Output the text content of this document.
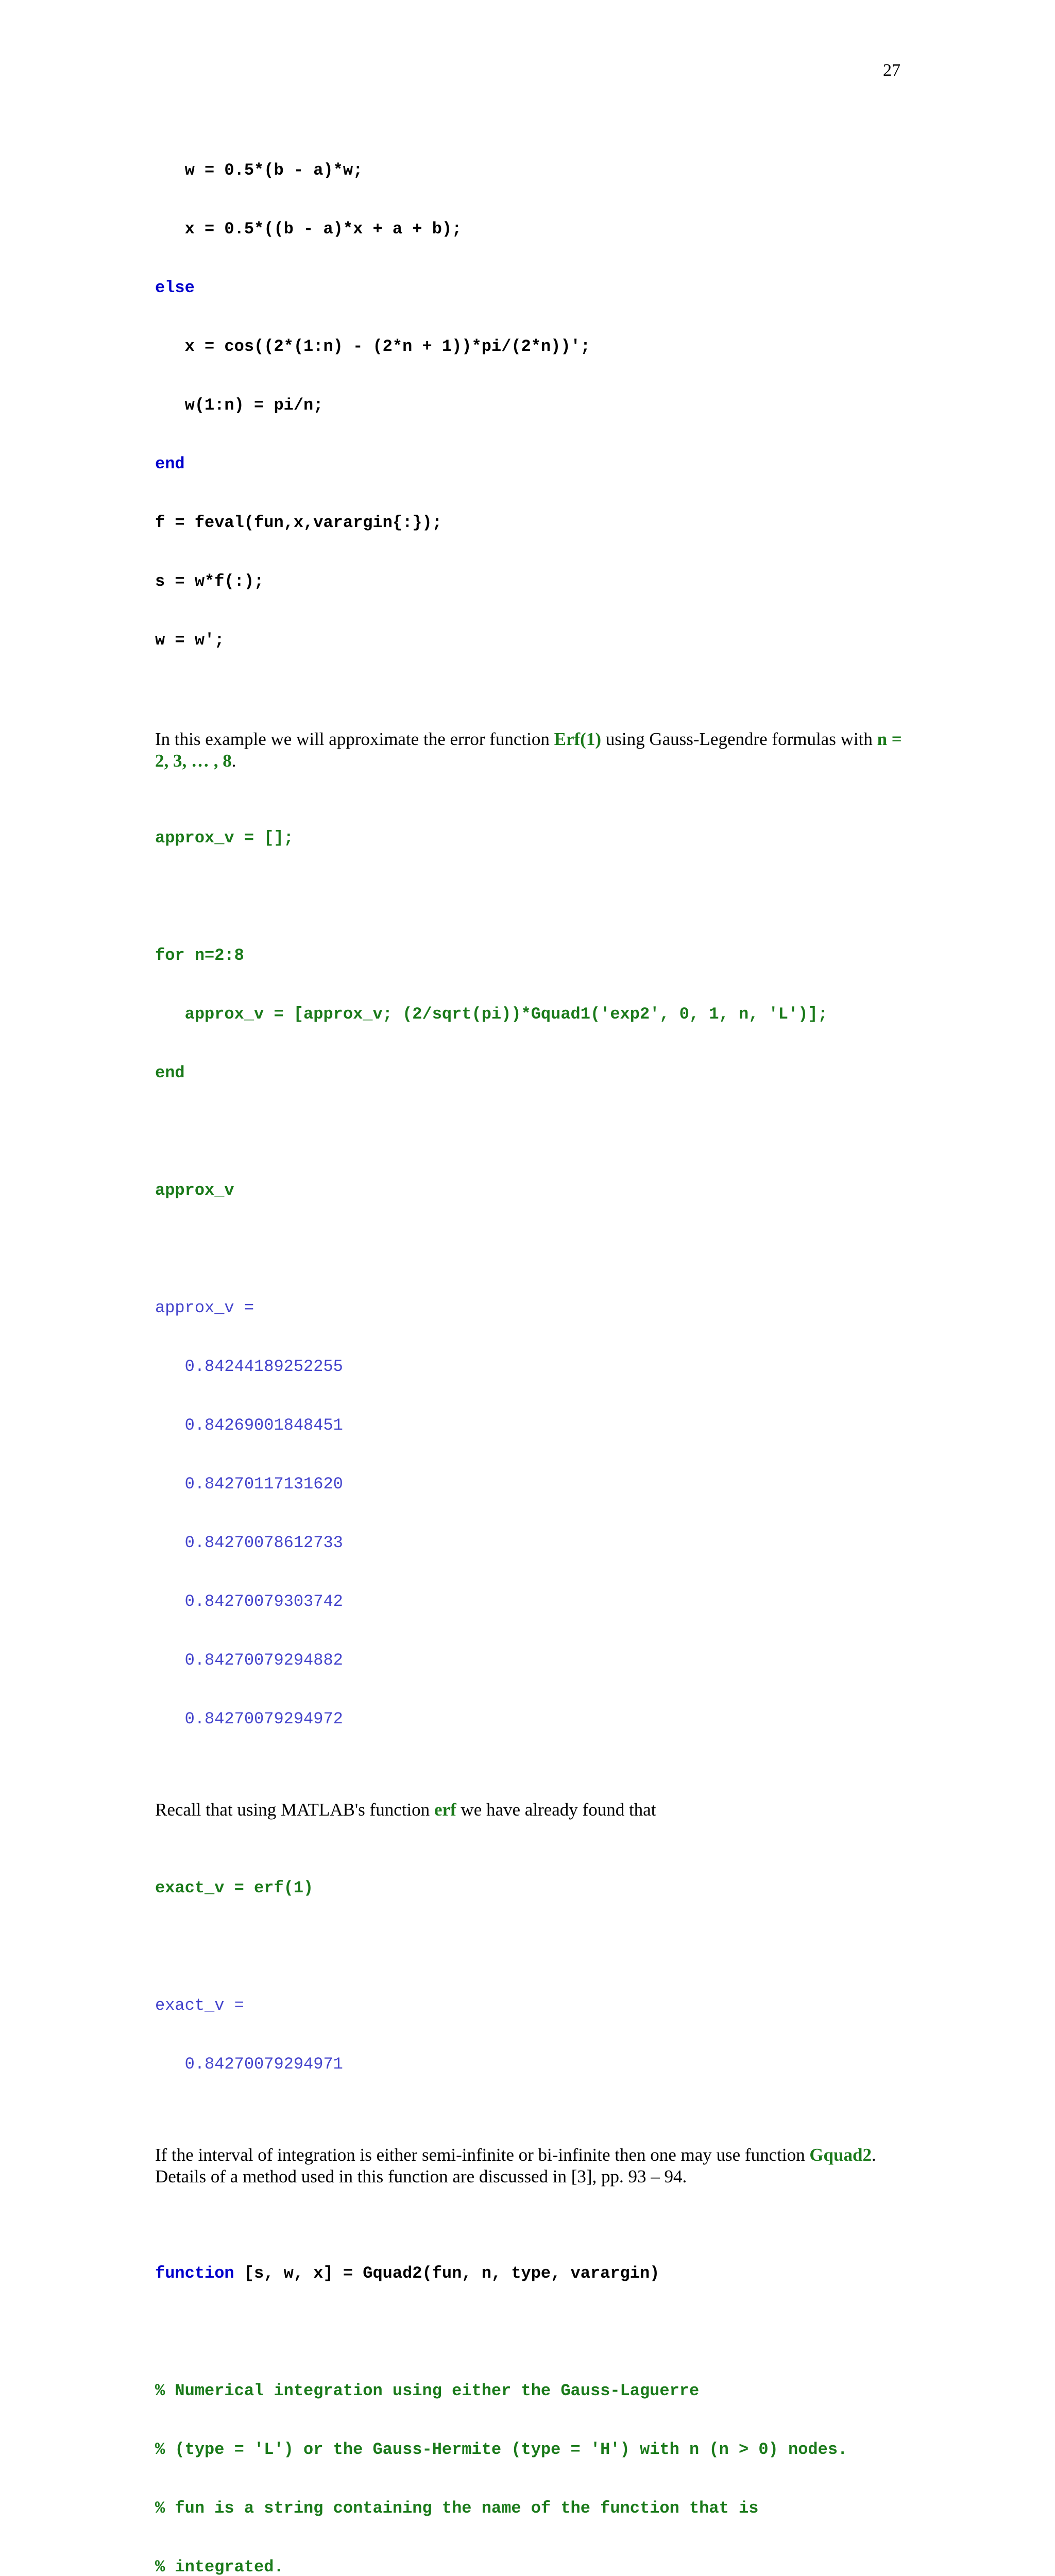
27

w = 0.5*(b - a)*w;

x = 0.5*((b - a)*x + a + b);

else

x = cos((2*(1:n) - (2*n + 1))*pi/(2*n))';

w(1:n) = pi/n;

end

f = feval(fun,x,varargin{:});

s = w*f(:);

w = w';

In this example we will approximate the error function Erf(1) using Gauss-Legendre formulas with n = 2, 3, … , 8.

approx_v = [];

for n=2:8

approx_v = [approx_v; (2/sqrt(pi))*Gquad1('exp2', 0, 1, n, 'L')];

end

approx_v

approx_v =

0.84244189252255

0.84269001848451

0.84270117131620

0.84270078612733

0.84270079303742

0.84270079294882

0.84270079294972

Recall that using MATLAB's function erf we have already found that

exact_v = erf(1)

exact_v =

0.84270079294971

If the interval of integration is either semi-infinite or bi-infinite then one may use function Gquad2. Details of a method used in this function are discussed in [3], pp. 93 – 94.

function [s, w, x] = Gquad2(fun, n, type, varargin)

% Numerical integration using either the Gauss-Laguerre

% (type = 'L') or the Gauss-Hermite (type = 'H') with n (n > 0) nodes.

% fun is a string containing the name of the function that is

% integrated.
